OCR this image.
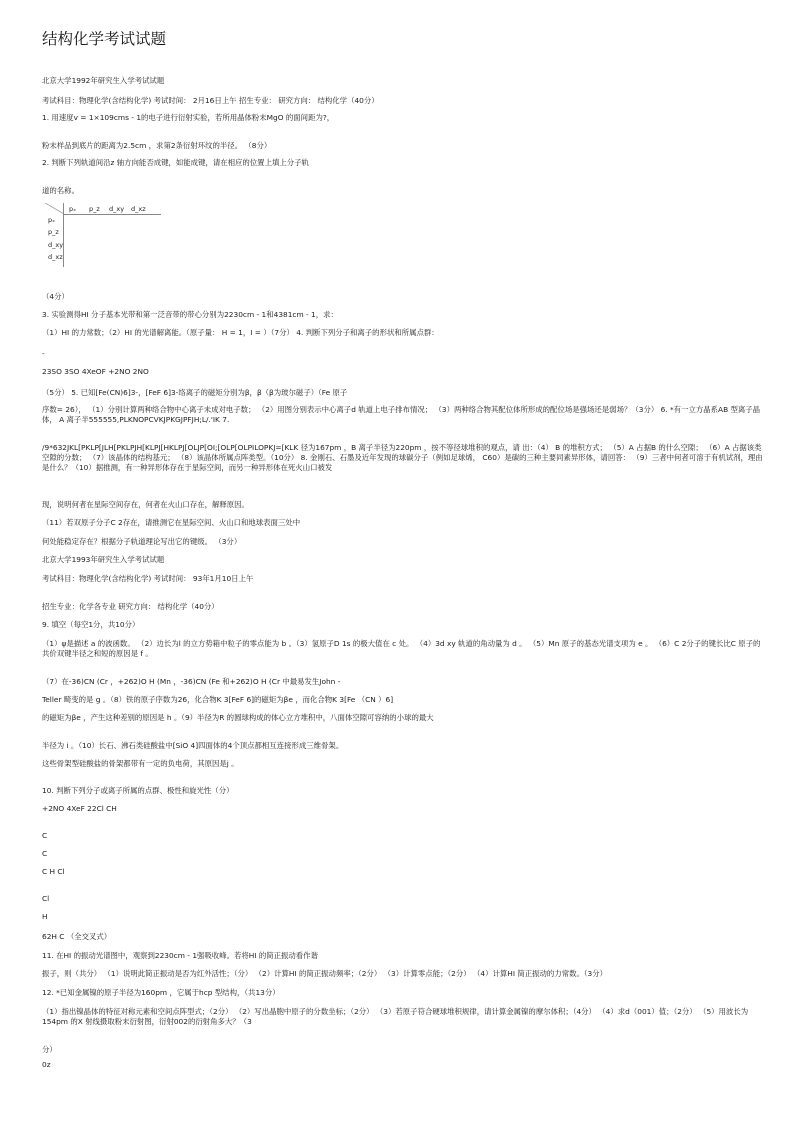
结构化学考试试题
北京大学1992年研究生入学考试试题
考试科目：物理化学(含结构化学) 考试时间： 2月16日上午 招生专业： 研究方向： 结构化学（40分）
1. 用速度v = 1×109cms - 1的电子进行衍射实验，若所用晶体粉末MgO 的面间距为?，
粉末样品到底片的距离为2.5cm ，求第2条衍射环纹的半径。 （8分）
2. 判断下列轨道间沿z 轴方向能否成键，如能成键，请在相应的位置上填上分子轨
道的名称。
pₓ p_z d_xy d_xz
pₓ
p_z
d_xy
d_xz
（4分）
3. 实验测得HI 分子基本光带和第一泛音带的带心分别为2230cm - 1和4381cm - 1，求：
（1）HI 的力常数；（2）HI 的光谱解离能。（原子量： H = 1，I = ）（7分） 4. 判断下列分子和离子的形状和所属点群：
-
23SO 3SO 4XeOF +2NO 2NO
（5分） 5. 已知[Fe(CN)6]3-，[FeF 6]3-络离子的磁矩分别为β，β（β为玻尔磁子）（Fe 原子
序数= 26）， （1）分别计算两种络合物中心离子未成对电子数； （2）用图分别表示中心离子d 轨道上电子排布情况； （3）两种络合物其配位体所形成的配位场是强场还是弱场？（3分） 6. *有一立方晶系AB 型离子晶体， A 离子半555555,PLKNOPCVKJPKGJPFJH;L/.'IK 7.
/9*632JKL[PKLP[JLH[PKLPJH[KLPJ[HKLPJ[OLJP[OI;[OLP[OLPILOPKJ=[KLK 径为167pm ，B 离子半径为220pm ，按不等径球堆积的观点，请 出：（4） B 的堆积方式； （5）A 占据B 的什么空隙； （6）A 占据该类空隙的分数； （7）该晶体的结构基元； （8）该晶体所属点阵类型。（10分） 8. 金刚石、石墨及近年发现的球碳分子（例如足球烯， C60）是碳的三种主要同素异形体，请回答： （9）三者中何者可溶于有机试剂，理由是什么？（10）据推测，有一种异形体存在于星际空间，而另一种异形体在死火山口被发
现，说明何者在星际空间存在，何者在火山口存在，解释原因。
（11）若双原子分子C 2存在，请推测它在星际空间、火山口和地球表面三处中
何处能稳定存在？根据分子轨道理论写出它的键级。 （3分）
北京大学1993年研究生入学考试试题
考试科目：物理化学(含结构化学) 考试时间： 93年1月10日上午
招生专业：化学各专业 研究方向： 结构化学（40分）
9. 填空（每空1分，共10分）
（1）ψ是描述 a 的波函数。 （2）边长为l 的立方势箱中粒子的零点能为 b 。（3）氢原子D 1s 的极大值在 c 处。 （4）3d xy 轨道的角动量为 d 。 （5）Mn 原子的基态光谱支项为 e 。 （6）C 2分子的键长比C 原子的共价双键半径之和短的原因是 f 。
（7）在-36)CN (Cr ，+262)O H (Mn ，-36)CN (Fe 和+262)O H (Cr 中最易发生John -
Teller 畸变的是 g 。（8）铁的原子序数为26，化合物K 3[FeF 6]的磁矩为βe ，而化合物K 3[Fe （CN ）6]
的磁矩为βe ，产生这种差别的原因是 h 。（9）半径为R 的圆球构成的体心立方堆积中，八面体空隙可容纳的小球的最大
半径为 i 。（10）长石、沸石类硅酸盐中[SiO 4]四面体的4个顶点都相互连接形成三维骨架。
这些骨架型硅酸盐的骨架都带有一定的负电荷，其原因是j 。
10. 判断下列分子或离子所属的点群、极性和旋光性（分）
+2NO 4XeF 22Cl CH
C
C
C H Cl
Cl
H
62H C （全交叉式）
11. 在HI 的振动光谱图中，观察到2230cm - 1强吸收峰。若将HI 的简正振动看作谐
振子，则（共分） （1）说明此简正振动是否为红外活性；（分） （2）计算HI 的简正振动频率；（2分） （3）计算零点能；（2分） （4）计算HI 简正振动的力常数。（3分）
12. *已知金属镍的原子半径为160pm ，它属于hcp 型结构，（共13分）
（1）指出镍晶体的特征对称元素和空间点阵型式；（2分） （2）写出晶胞中原子的分数坐标；（2分） （3）若原子符合硬球堆积规律，请计算金属镍的摩尔体积；（4分） （4）求d（001）值；（2分） （5）用波长为154pm 的X 射线摄取粉末衍射图，衍射002的衍射角多大？（3
分）
0z
